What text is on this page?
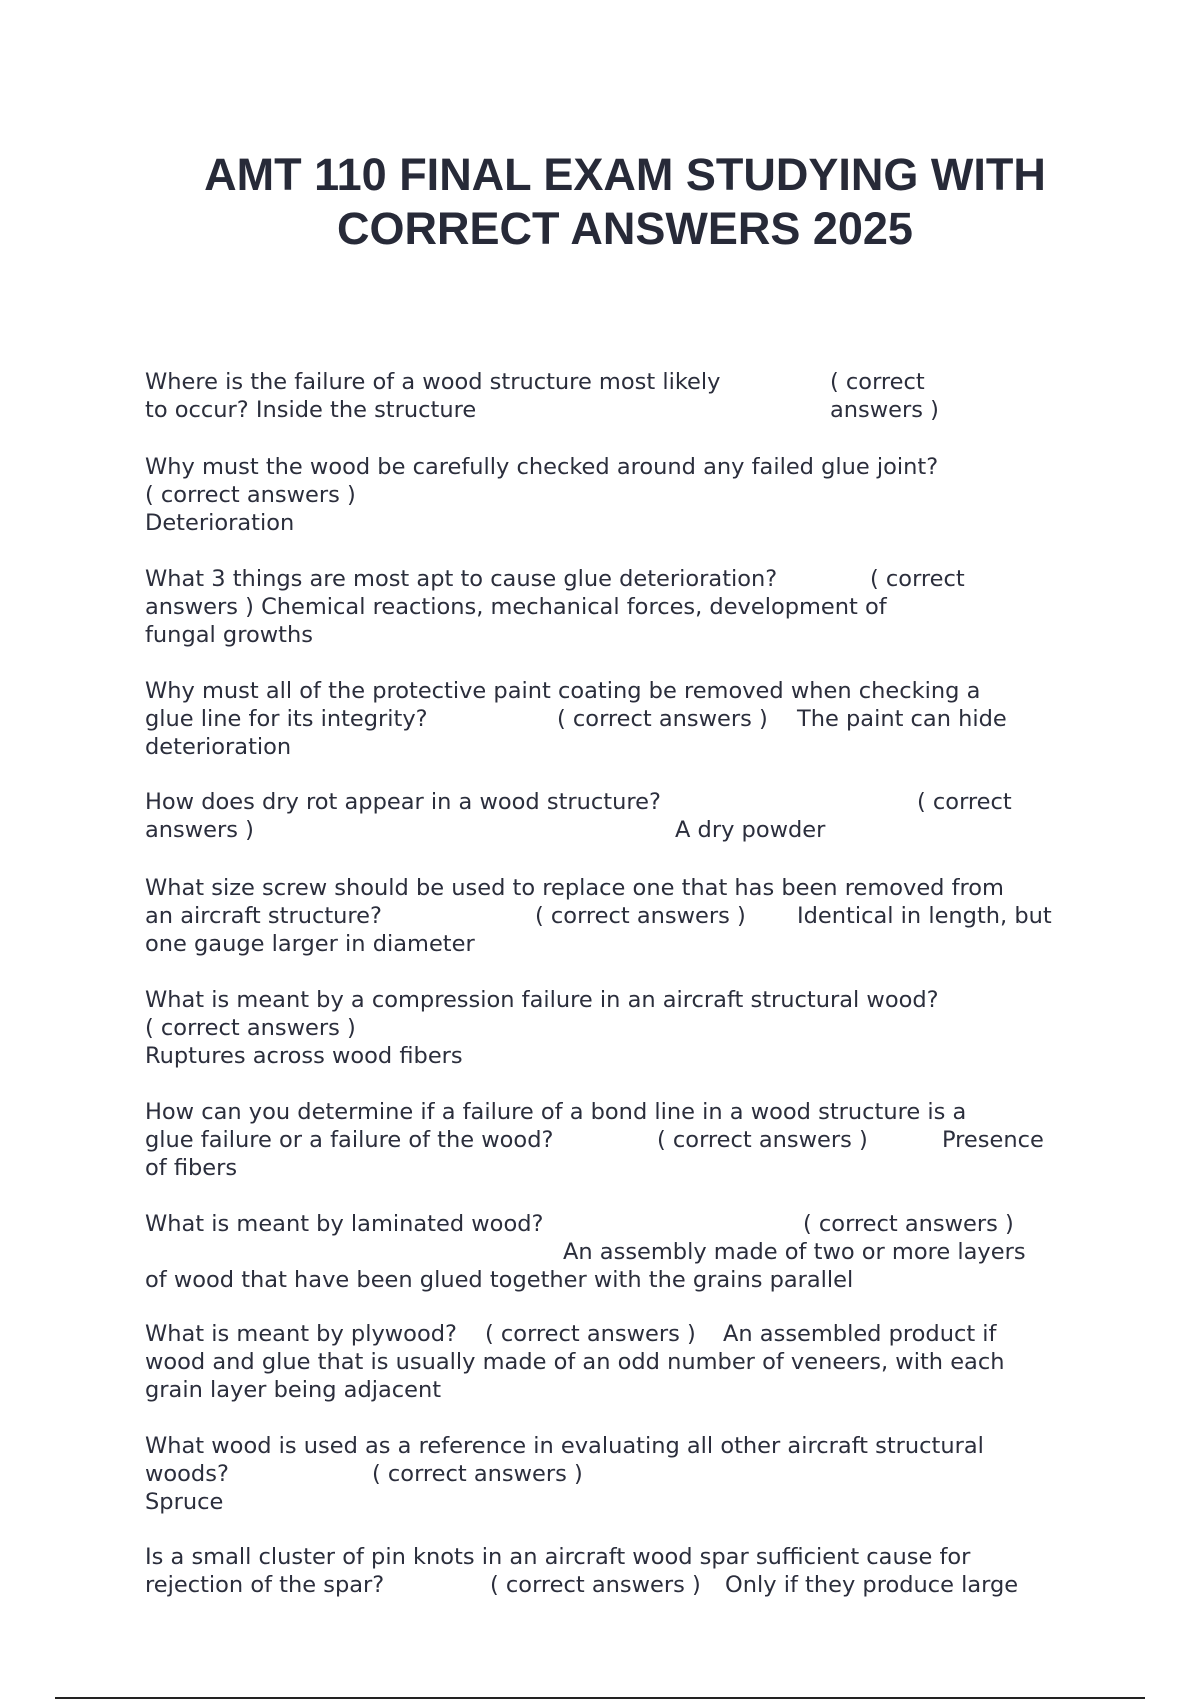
AMT 110 FINAL EXAM STUDYING WITH
CORRECT ANSWERS 2025
Where is the failure of a wood structure most likely	( correct
to occur? Inside the structure	answers )
Why must the wood be carefully checked around any failed glue joint?
( correct answers )
Deterioration
What 3 things are most apt to cause glue deterioration?	( correct
answers ) Chemical reactions, mechanical forces, development of
fungal growths
Why must all of the protective paint coating be removed when checking a
glue line for its integrity?	( correct answers ) The paint can hide
deterioration
How does dry rot appear in a wood structure?	( correct
answers )	A dry powder
What size screw should be used to replace one that has been removed from
an aircraft structure?	( correct answers ) Identical in length, but
one gauge larger in diameter
What is meant by a compression failure in an aircraft structural wood?
( correct answers )
Ruptures across wood fibers
How can you determine if a failure of a bond line in a wood structure is a
glue failure or a failure of the wood?	( correct answers )	Presence
of fibers
What is meant by laminated wood?	( correct answers )
An assembly made of two or more layers
of wood that have been glued together with the grains parallel
What is meant by plywood? ( correct answers ) An assembled product if
wood and glue that is usually made of an odd number of veneers, with each
grain layer being adjacent
What wood is used as a reference in evaluating all other aircraft structural
woods?	( correct answers )
Spruce
Is a small cluster of pin knots in an aircraft wood spar sufficient cause for
rejection of the spar?	( correct answers ) Only if they produce large
